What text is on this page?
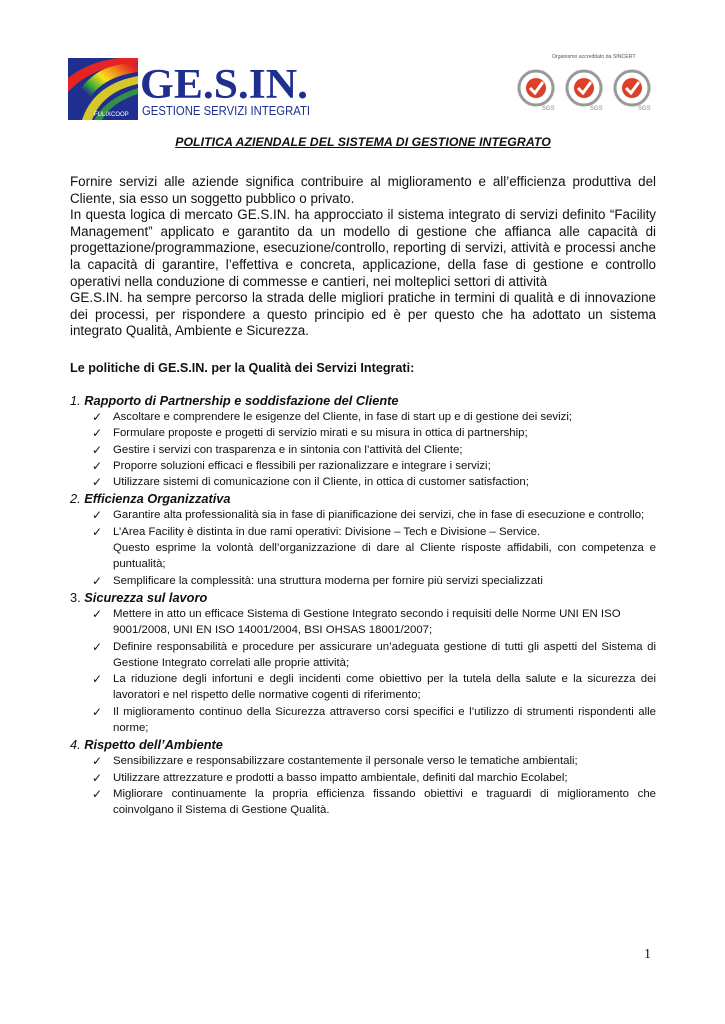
FULIXCOOP
GE.S.IN.
GESTIONE SERVIZI INTEGRATI
Organismo accreditato da SINCERT
SGS	SGS	SGS

POLITICA AZIENDALE DEL SISTEMA DI GESTIONE INTEGRATO

Fornire servizi alle aziende significa contribuire al miglioramento e all’efficienza produttiva del Cliente, sia esso un soggetto pubblico o privato.

In questa logica di mercato GE.S.IN. ha approcciato il sistema integrato di servizi definito “Facility Management” applicato e garantito da un modello di gestione che affianca alle capacità di progettazione/programmazione, esecuzione/controllo, reporting di servizi, attività e processi anche la capacità di garantire, l’effettiva e concreta, applicazione, della fase di gestione e controllo operativi nella conduzione di commesse e cantieri, nei molteplici settori di attività

GE.S.IN. ha sempre percorso la strada delle migliori pratiche in termini di qualità e di innovazione dei processi, per rispondere a questo principio ed è per questo che ha adottato un sistema integrato Qualità, Ambiente e Sicurezza.

Le politiche di GE.S.IN. per la Qualità dei Servizi Integrati:

1. Rapporto di Partnership e soddisfazione del Cliente

✓ Ascoltare e comprendere le esigenze del Cliente, in fase di start up e di gestione dei sevizi;
✓ Formulare proposte e progetti di servizio mirati e su misura in ottica di partnership;
✓ Gestire i servizi con trasparenza e in sintonia con l’attività del Cliente;
✓ Proporre soluzioni efficaci e flessibili per razionalizzare e integrare i servizi;
✓ Utilizzare sistemi di comunicazione con il Cliente, in ottica di customer satisfaction;

2. Efficienza Organizzativa

✓ Garantire alta professionalità sia in fase di pianificazione dei servizi, che in fase di esecuzione e controllo;
✓ L’Area Facility è distinta in due rami operativi: Divisione – Tech e Divisione – Service.
Questo esprime la volontà dell’organizzazione di dare al Cliente risposte affidabili, con competenza e puntualità;
✓ Semplificare la complessità: una struttura moderna per fornire più servizi specializzati

3. Sicurezza sul lavoro

✓ Mettere in atto un efficace Sistema di Gestione Integrato secondo i requisiti delle Norme UNI EN ISO 9001/2008, UNI EN ISO 14001/2004, BSI OHSAS 18001/2007;
✓ Definire responsabilità e procedure per assicurare un’adeguata gestione di tutti gli aspetti del Sistema di Gestione Integrato correlati alle proprie attività;
✓ La riduzione degli infortuni e degli incidenti come obiettivo per la tutela della salute e la sicurezza dei lavoratori e nel rispetto delle normative cogenti di riferimento;
✓ Il miglioramento continuo della Sicurezza attraverso corsi specifici e l’utilizzo di strumenti rispondenti alle norme;

4. Rispetto dell’Ambiente

✓ Sensibilizzare e responsabilizzare costantemente il personale verso le tematiche ambientali;
✓ Utilizzare attrezzature e prodotti a basso impatto ambientale, definiti dal marchio Ecolabel;
✓ Migliorare continuamente la propria efficienza fissando obiettivi e traguardi di miglioramento che coinvolgano il Sistema di Gestione Qualità.
1
